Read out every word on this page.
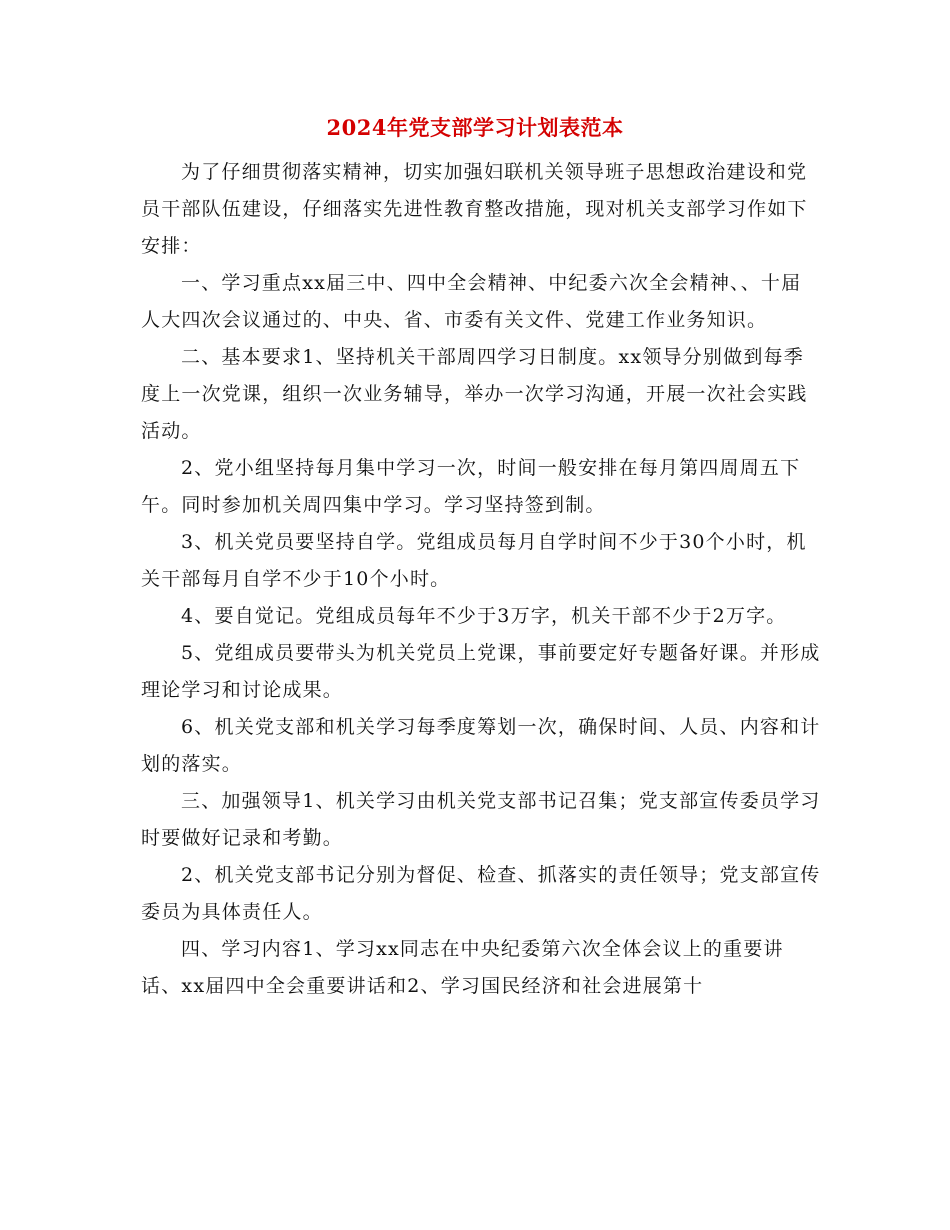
2024年党支部学习计划表范本

为了仔细贯彻落实精神，切实加强妇联机关领导班子思想政治建设和党员干部队伍建设，仔细落实先进性教育整改措施，现对机关支部学习作如下安排：

一、学习重点xx届三中、四中全会精神、中纪委六次全会精神、、十届人大四次会议通过的、中央、省、市委有关文件、党建工作业务知识。

二、基本要求1、坚持机关干部周四学习日制度。xx领导分别做到每季度上一次党课，组织一次业务辅导，举办一次学习沟通，开展一次社会实践活动。

2、党小组坚持每月集中学习一次，时间一般安排在每月第四周周五下午。同时参加机关周四集中学习。学习坚持签到制。

3、机关党员要坚持自学。党组成员每月自学时间不少于30个小时，机关干部每月自学不少于10个小时。

4、要自觉记。党组成员每年不少于3万字，机关干部不少于2万字。

5、党组成员要带头为机关党员上党课，事前要定好专题备好课。并形成理论学习和讨论成果。

6、机关党支部和机关学习每季度筹划一次，确保时间、人员、内容和计划的落实。

三、加强领导1、机关学习由机关党支部书记召集；党支部宣传委员学习时要做好记录和考勤。

2、机关党支部书记分别为督促、检查、抓落实的责任领导；党支部宣传委员为具体责任人。

四、学习内容1、学习xx同志在中央纪委第六次全体会议上的重要讲话、xx届四中全会重要讲话和2、学习国民经济和社会进展第十
